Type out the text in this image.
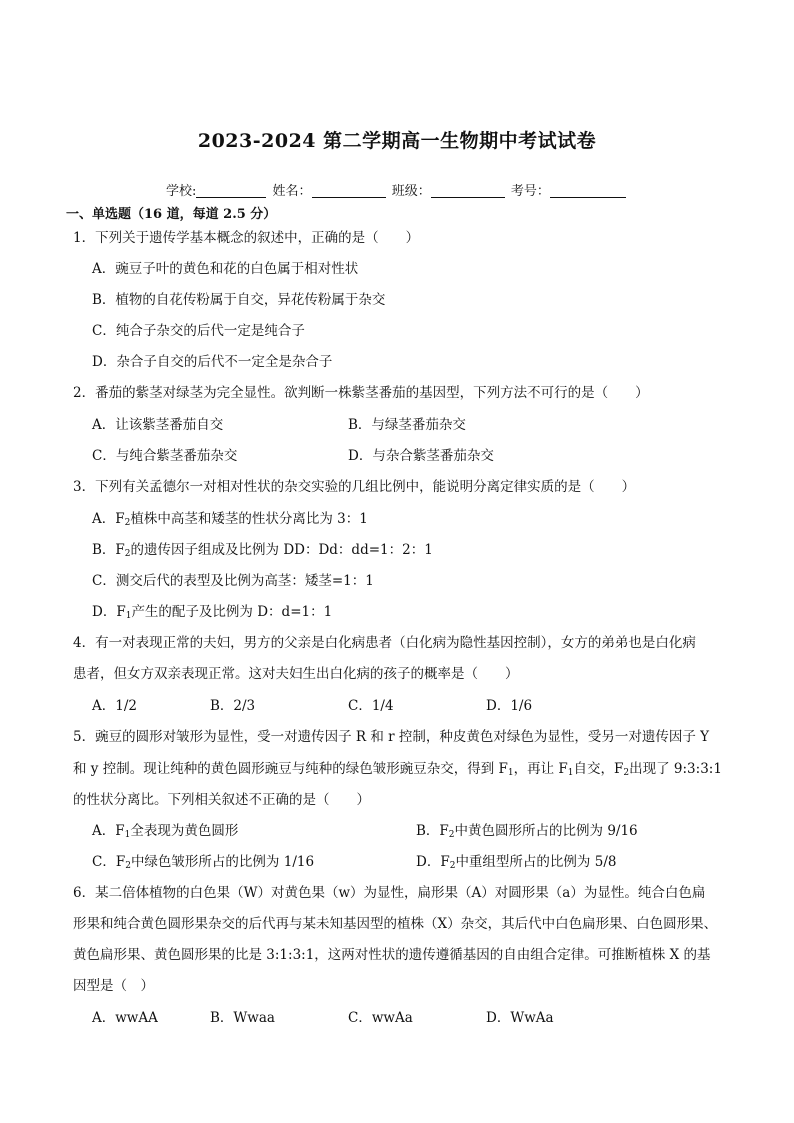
2023-2024 第二学期高一生物期中考试试卷
学校:	姓名：	班级：	考号：
一、单选题（16 道，每道 2.5 分）
1．下列关于遗传学基本概念的叙述中，正确的是（　　）
A．豌豆子叶的黄色和花的白色属于相对性状
B．植物的自花传粉属于自交，异花传粉属于杂交
C．纯合子杂交的后代一定是纯合子
D．杂合子自交的后代不一定全是杂合子
2．番茄的紫茎对绿茎为完全显性。欲判断一株紫茎番茄的基因型，下列方法不可行的是（　　）
A．让该紫茎番茄自交	B．与绿茎番茄杂交
C．与纯合紫茎番茄杂交	D．与杂合紫茎番茄杂交
3．下列有关孟德尔一对相对性状的杂交实验的几组比例中，能说明分离定律实质的是（　　）
A．$F_2$植株中高茎和矮茎的性状分离比为 3：1
B．$F_2$的遗传因子组成及比例为 DD：Dd：dd=1：2：1
C．测交后代的表型及比例为高茎：矮茎=1：1
D．$F_1$产生的配子及比例为 D：d=1：1
4．有一对表现正常的夫妇，男方的父亲是白化病患者（白化病为隐性基因控制），女方的弟弟也是白化病
患者，但女方双亲表现正常。这对夫妇生出白化病的孩子的概率是（　　）
A．1/2	B．2/3	C．1/4	D．1/6
5．豌豆的圆形对皱形为显性，受一对遗传因子 R 和 r 控制，种皮黄色对绿色为显性，受另一对遗传因子 Y
和 y 控制。现让纯种的黄色圆形豌豆与纯种的绿色皱形豌豆杂交，得到 $F_1$，再让 $F_1$自交，$F_2$出现了 9:3:3:1
的性状分离比。下列相关叙述不正确的是（　　）
A．$F_1$全表现为黄色圆形	B．$F_2$中黄色圆形所占的比例为 9/16
C．$F_2$中绿色皱形所占的比例为 1/16	D．$F_2$中重组型所占的比例为 5/8
6．某二倍体植物的白色果（W）对黄色果（w）为显性，扁形果（A）对圆形果（a）为显性。纯合白色扁
形果和纯合黄色圆形果杂交的后代再与某未知基因型的植株（X）杂交，其后代中白色扁形果、白色圆形果、
黄色扁形果、黄色圆形果的比是 3:1:3:1，这两对性状的遗传遵循基因的自由组合定律。可推断植株 X 的基
因型是（　）
A．wwAA	B．Wwaa	C．wwAa	D．WwAa
